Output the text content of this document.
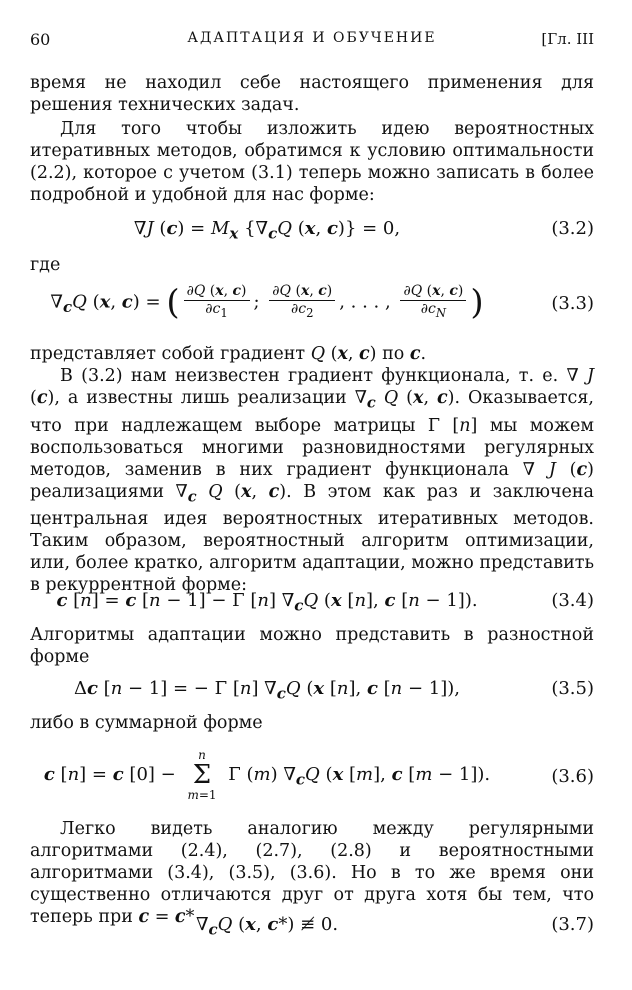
60	АДАПТАЦИЯ И ОБУЧЕНИЕ	[Гл. III
время не находил себе настоящего применения для решения технических задач.
Для того чтобы изложить идею вероятностных итеративных методов, обратимся к условию оптимальности (2.2), которое с учетом (3.1) теперь можно записать в более подробной и удобной для нас форме:
∇J $(c) = M_x$ {$\nabla_cQ$ (x, c)} = 0,	(3.2)
где
$\nabla_cQ$ (x, c) = ( $\frac{\partial Q (x, c)}{\partial c_1}$ ; $\frac{\partial Q (x, c)}{\partial c_2}$ , . . . , $\frac{\partial Q (x, c)}{\partial c_N}$ )	(3.3)
представляет собой градиент Q (x, c) по c.
В (3.2) нам неизвестен градиент функционала, т. е. ∇ J (c), а известны лишь реализации $\nabla_c$ Q (x, c). Оказывается, что при надлежащем выборе матрицы Γ [n] мы можем воспользоваться многими разновидностями регулярных методов, заменив в них градиент функционала ∇ J (c) реализациями $\nabla_c$ Q (x, c). В этом как раз и заключена центральная идея вероятностных итеративных методов. Таким образом, вероятностный алгоритм оптимизации, или, более кратко, алгоритм адаптации, можно представить в рекуррентной форме:
c [n] = c [n − 1] − Γ [n] $\nabla_cQ$ (x [n], c [n − 1]).	(3.4)
Алгоритмы адаптации можно представить в разностной форме
Δc [n − 1] = − Γ [n] $\nabla_cQ$ (x [n], c [n − 1]),	(3.5)
либо в суммарной форме
c [n] = c [0] − n
Σ
m=1 Γ (m) $\nabla_cQ$ (x [m], c [m − 1]).	(3.6)
Легко видеть аналогию между регулярными алгоритмами (2.4), (2.7), (2.8) и вероятностными алгоритмами (3.4), (3.5), (3.6). Но в то же время они существенно отличаются друг от друга хотя бы тем, что теперь при c = c* $\nabla_cQ$ (x, c*) ≢ 0.	(3.7)
